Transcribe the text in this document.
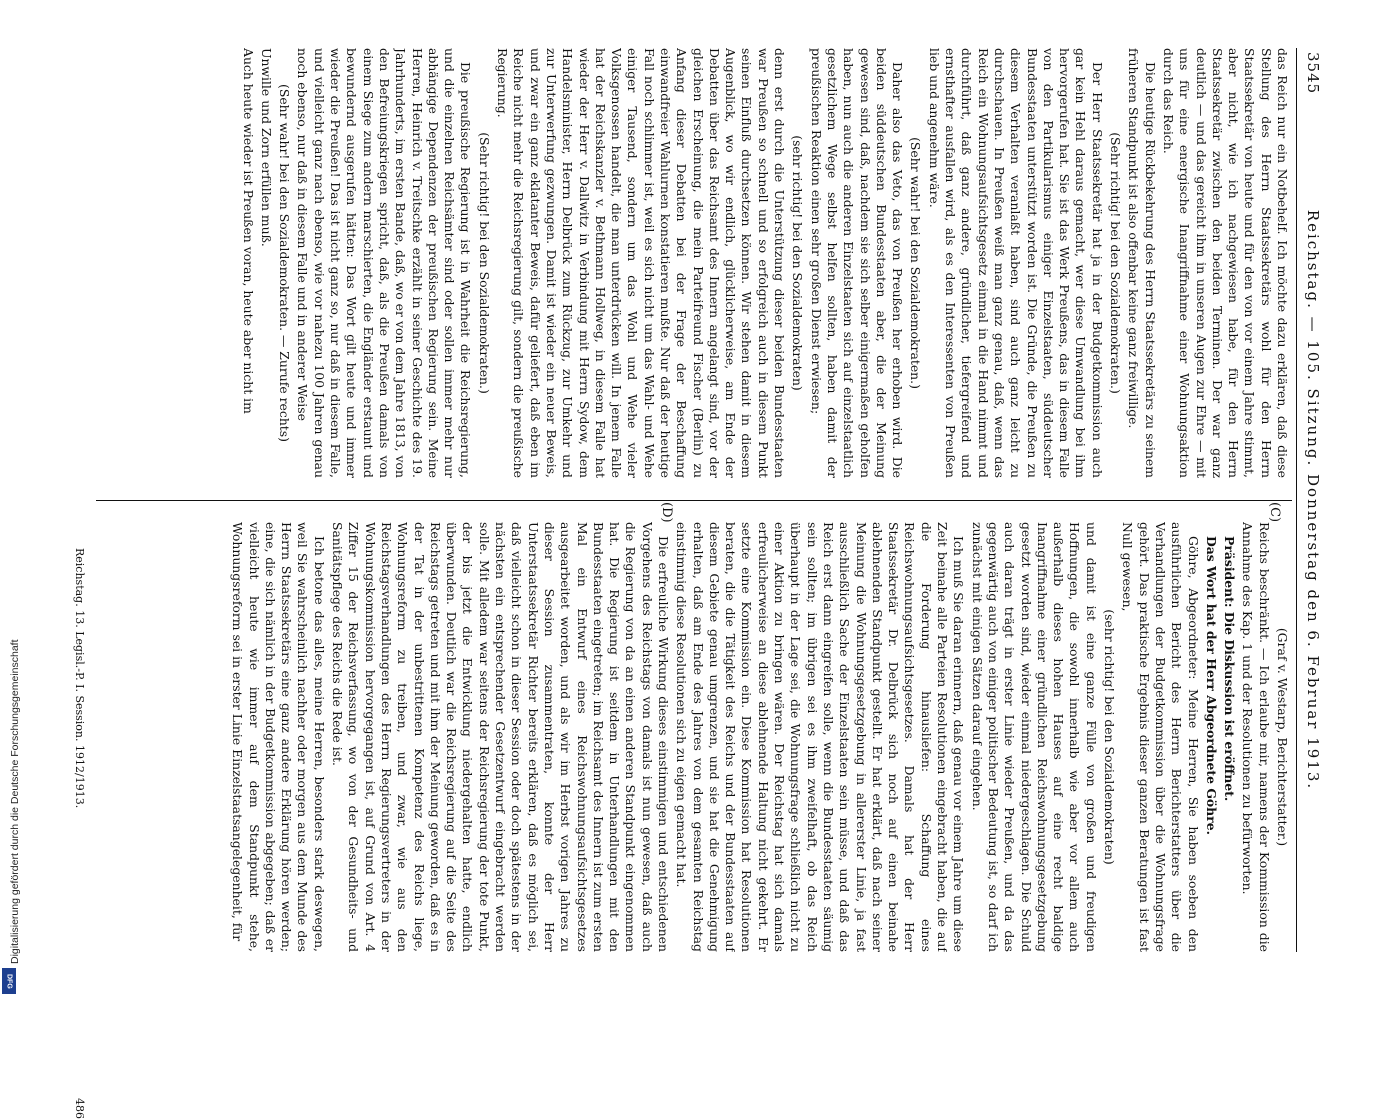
Digitalisierung gefördert durch die Deutsche Forschungsgemeinschaft
DFG
3545
Reichstag. — 105. Sitzung. Donnerstag den 6. Februar 1913.
(C)
(D)

das Reich nur ein Notbehelf. Ich möchte dazu erklären, daß diese Stellung des Herrn Staatssekretärs wohl für den Herrn Staatssekretär von heute und für den von vor einem Jahre stimmt, aber nicht, wie ich nachgewiesen habe, für den Herrn Staatssekretär zwischen den beiden Terminen. Der war ganz deutlich — und das gereicht ihm in unseren Augen zur Ehre — mit uns für eine energische Inangriffnahme einer Wohnungsaktion durch das Reich.

Die heutige Rückbekehrung des Herrn Staatssekretärs zu seinem früheren Standpunkt ist also offenbar keine ganz freiwillige.

(Sehr richtig! bei den Sozialdemokraten.)

Der Herr Staatssekretär hat ja in der Budgetkommission auch gar kein Hehl daraus gemacht, wer diese Umwandlung bei ihm hervorgerufen hat. Sie ist das Werk Preußens, das in diesem Falle von den Partikularismus einiger Einzelstaaten, süddeutscher Bundesstaaten unterstützt worden ist. Die Gründe, die Preußen zu diesem Verhalten veranlaßt haben, sind auch ganz leicht zu durchschauen. In Preußen weiß man ganz genau, daß, wenn das Reich ein Wohnungsaufsichtsgesetz einmal in die Hand nimmt und durchführt, daß ganz andere, gründlicher, tiefergreifend und ernsthafter ausfallen wird, als es den Interessenten von Preußen lieb und angenehm wäre.

(Sehr wahr! bei den Sozialdemokraten.)

Daher also das Veto, das von Preußen her erhoben wird. Die beiden süddeutschen Bundesstaaten aber, die der Meinung gewesen sind, daß, nachdem sie sich selber einigermaßen geholfen haben, nun auch die anderen Einzelstaaten sich auf einzelstaatlich gesetzlichem Wege selbst helfen sollten, haben damit der preußischen Reaktion einen sehr großen Dienst erwiesen;

(sehr richtig! bei den Sozialdemokraten)

denn erst durch die Unterstützung dieser beiden Bundesstaaten war Preußen so schnell und so erfolgreich auch in diesem Punkt seinen Einfluß durchsetzen können. Wir stehen damit in diesem Augenblick, wo wir endlich, glücklicherweise, am Ende der Debatten über das Reichsamt des Innern angelangt sind, vor der gleichen Erscheinung, die mein Parteifreund Fischer (Berlin) zu Anfang dieser Debatten bei der Frage der Beschaffung einwandfreier Wahlurnen konstatieren mußte. Nur daß der heutige Fall noch schlimmer ist, weil es sich nicht um das Wahl- und Wehe einiger Tausend, sondern um das Wohl und Wehe vieler Volksgenossen handelt, die man unterdrücken will. In jenem Falle hat der Reichskanzler v. Bethmann Hollweg, in diesem Falle hat wieder der Herr v. Dallwitz in Verbindung mit Herrn Sydow, dem Handelsminister, Herrn Delbrück zum Rückzug, zur Umkehr und zur Unterwerfung gezwungen. Damit ist wieder ein neuer Beweis, und zwar ein ganz eklatanter Beweis, dafür geliefert, daß eben im Reiche nicht mehr die Reichsregierung gilt, sondern die preußische Regierung.

(Sehr richtig! bei den Sozialdemokraten.)

Die preußische Regierung ist in Wahrheit die Reichsregierung, und die einzelnen Reichsämter sind oder sollen immer mehr nur abhängige Dependenzen der preußischen Regierung sein. Meine Herren, Heinrich v. Treitschke erzählt in seiner Geschichte des 19. Jahrhunderts, im ersten Bande, daß, wo er von dem Jahre 1813, von den Befreiungskriegen spricht, daß, als die Preußen damals von einem Siege zum andern marschierten, die Engländer erstaunt und bewundernd ausgerufen hätten: Das Wort gilt heute und immer wieder die Preußen! Das ist nicht ganz so, nur daß in diesem Falle, und vielleicht ganz nach ebenso, wie vor nahezu 100 Jahren genau noch ebenso, nur daß in diesem Falle und in anderer Weise

(Sehr wahr! bei den Sozialdemokraten. — Zurufe rechts)

Unwille und Zorn erfüllen muß.

Auch heute wieder ist Preußen voran, heute aber nicht im

(Graf v. Westarp, Berichterstatter.)

Reichs beschränkt. — Ich erlaube mir, namens der Kommission die Annahme des Kap. 1 und der Resolutionen zu befürworten.

Präsident: Die Diskussion ist eröffnet.

Das Wort hat der Herr Abgeordnete Göhre.

Göhre, Abgeordneter: Meine Herren, Sie haben soeben den ausführlichen Bericht des Herrn Berichterstatters über die Verhandlungen der Budgetkommission über die Wohnungsfrage gehört. Das praktische Ergebnis dieser ganzen Beratungen ist fast Null gewesen,

(sehr richtig! bei den Sozialdemokraten)

und damit ist eine ganze Fülle von großen und freudigen Hoffnungen, die sowohl innerhalb wie aber vor allem auch außerhalb dieses hohen Hauses auf eine recht baldige Inangriffnahme einer gründlichen Reichswohnungsgesetzgebung gesetzt worden sind, wieder einmal niedergeschlagen. Die Schuld auch daran trägt in erster Linie wieder Preußen, und da das gegenwärtig auch von einiger politischer Bedeutung ist, so darf ich zunächst mit einigen Sätzen darauf eingehen.

Ich muß Sie daran erinnern, daß genau vor einem Jahre um diese Zeit beinahe alle Parteien Resolutionen eingebracht haben, die auf die Forderung hinausliefen: Schaffung eines Reichswohnungsaufsichtsgesetzes. Damals hat der Herr Staatssekretär Dr. Delbrück sich noch auf einen beinahe ablehnenden Standpunkt gestellt. Er hat erklärt, daß nach seiner Meinung die Wohnungsgesetzgebung in allererster Linie, ja fast ausschließlich Sache der Einzelstaaten sein müsse, und daß das Reich erst dann eingreifen solle, wenn die Bundesstaaten säumig sein sollten; im übrigen sei es ihm zweifelhaft, ob das Reich überhaupt in der Lage sei, die Wohnungsfrage schließlich nicht zu einer Aktion zu bringen wären. Der Reichstag hat sich damals erfreulicherweise an diese ablehnende Haltung nicht gekehrt. Er setzte eine Kommission ein. Diese Kommission hat Resolutionen beraten, die die Tätigkeit des Reichs und der Bundesstaaten auf diesem Gebiete genau umgrenzen, und sie hat die Genehmigung erhalten, daß am Ende des Jahres von dem gesamten Reichstag einstimmig diese Resolutionen sich zu eigen gemacht hat.

Die erfreuliche Wirkung dieses einstimmigen und entschiedenen Vorgehens des Reichstags von damals ist nun gewesen, daß auch die Regierung von da an einen anderen Standpunkt eingenommen hat. Die Regierung ist seitdem in Unterhandlungen mit den Bundesstaaten eingetreten; im Reichsamt des Innern ist zum ersten Mal ein Entwurf eines Reichswohnungsaufsichtsgesetzes ausgearbeitet worden, und als wir im Herbst vorigen Jahres zu dieser Session zusammentraten, konnte der Herr Unterstaatssekretär Richter bereits erklären, daß es möglich sei, daß vielleicht schon in dieser Session oder doch spätestens in der nächsten ein entsprechender Gesetzentwurf eingebracht werden solle. Mit alledem war seitens der Reichsregierung der tote Punkt, der bis jetzt die Entwicklung niedergehalten hatte, endlich überwunden. Deutlich war die Reichsregierung auf die Seite des Reichstags getreten und mit ihm der Meinung geworden, daß es in der Tat in der unbestrittenen Kompetenz des Reichs liege, Wohnungsreform zu treiben, und zwar, wie aus den Reichstagsverhandlungen des Herrn Regierungsvertreters in der Wohnungskommission hervorgegangen ist, auf Grund von Art. 4 Ziffer 15 der Reichsverfassung, wo von der Gesundheits- und Sanitätspflege des Reichs die Rede ist.

Ich betone das alles, meine Herren, besonders stark deswegen, weil Sie wahrscheinlich nachher oder morgen aus dem Munde des Herrn Staatssekretärs eine ganz andere Erklärung hören werden; eine, die sich nämlich in der Budgetkommission abgegeben; daß er vielleicht heute wie immer auf dem Standpunkt stehe, Wohnungsreform sei in erster Linie Einzelstaatsangelegenheit, für

Reichstag. 13. Legisl.-P. I. Session. 1912/1913.
486
